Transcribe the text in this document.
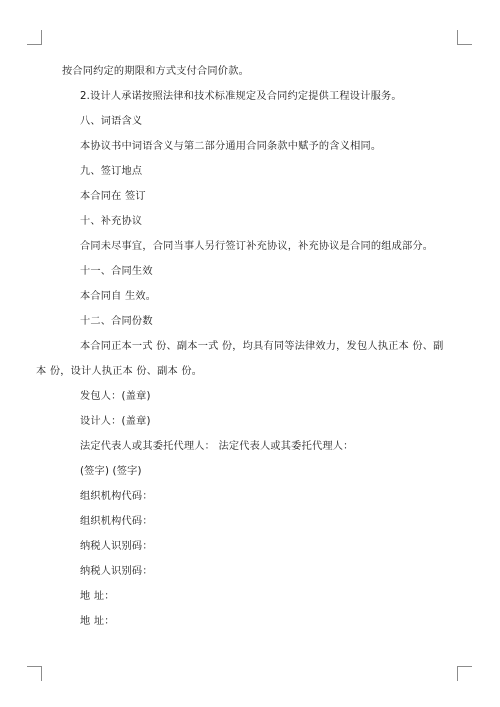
按合同约定的期限和方式支付合同价款。
2.设计人承诺按照法律和技术标准规定及合同约定提供工程设计服务。
八、词语含义
本协议书中词语含义与第二部分通用合同条款中赋予的含义相同。
九、签订地点
本合同在 签订
十、补充协议
合同未尽事宜，合同当事人另行签订补充协议，补充协议是合同的组成部分。
十一、合同生效
本合同自 生效。
十二、合同份数
本合同正本一式 份、副本一式 份，均具有同等法律效力，发包人执正本 份、副
本 份，设计人执正本 份、副本 份。
发包人：(盖章)
设计人：(盖章)
法定代表人或其委托代理人： 法定代表人或其委托代理人：
(签字) (签字)
组织机构代码：
组织机构代码：
纳税人识别码：
纳税人识别码：
地 址：
地 址：
